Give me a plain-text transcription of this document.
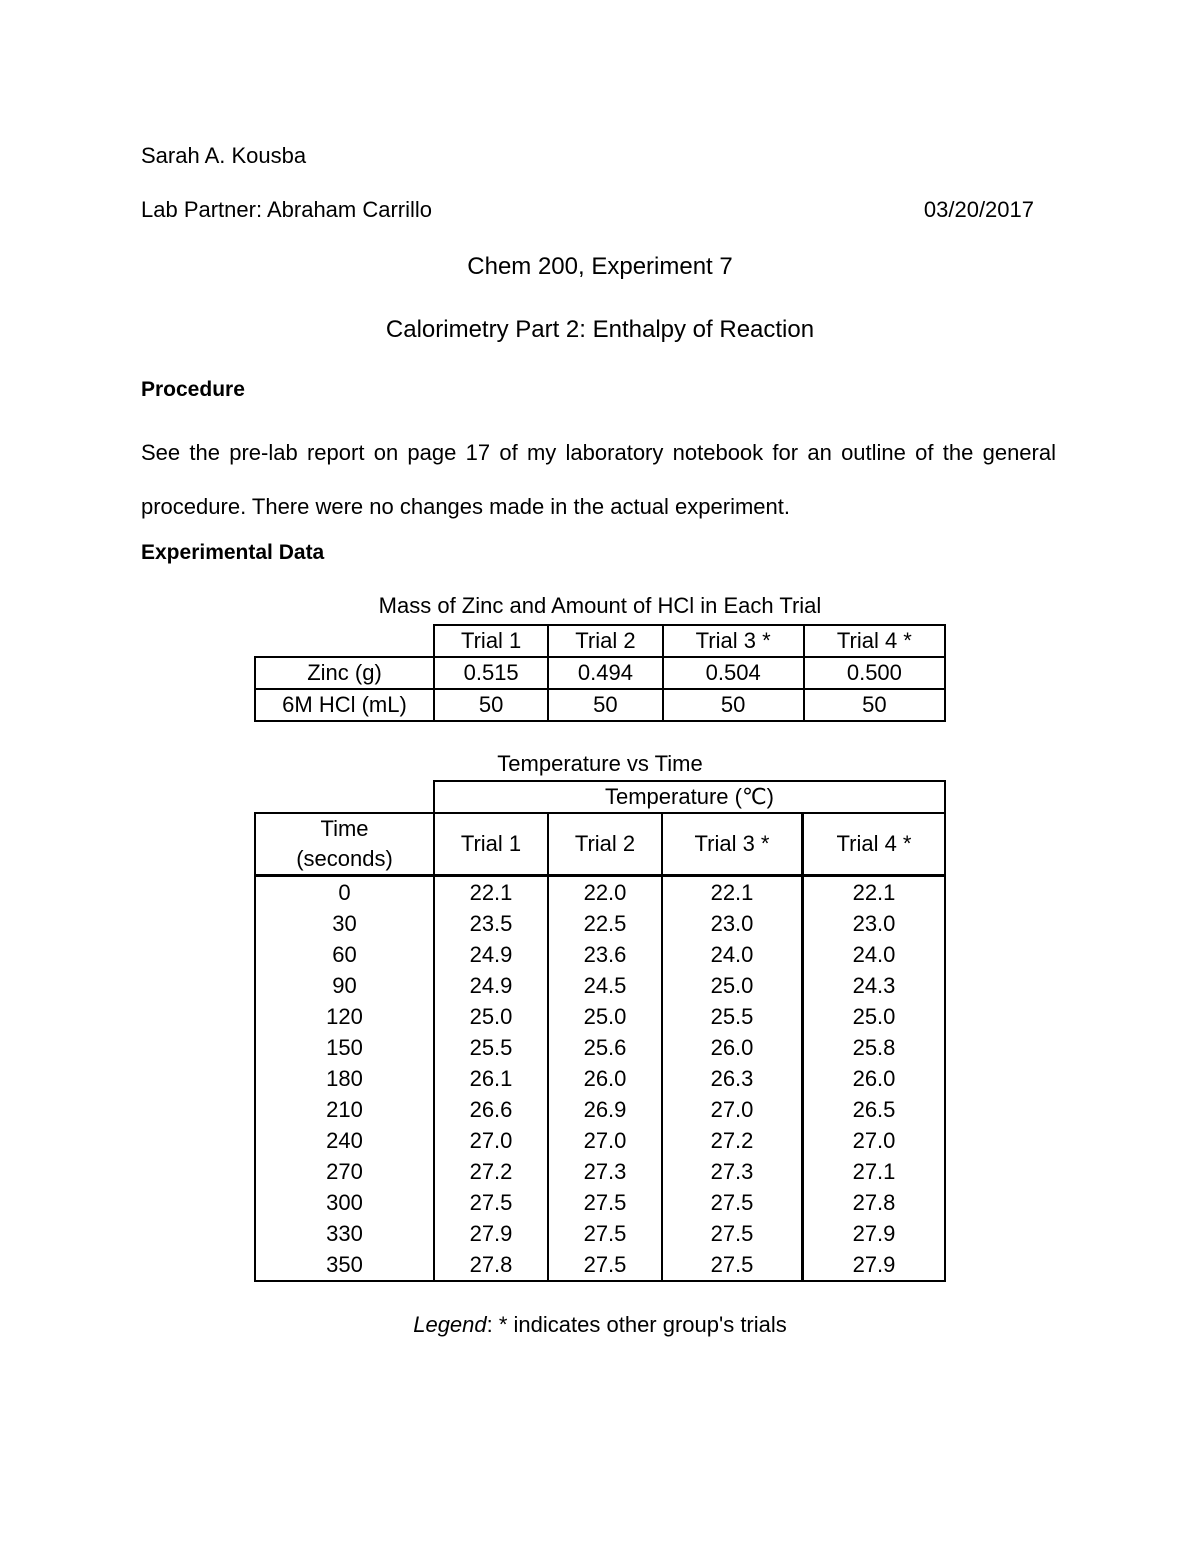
Sarah A. Kousba
Lab Partner: Abraham Carrillo	03/20/2017
Chem 200, Experiment 7
Calorimetry Part 2: Enthalpy of Reaction
Procedure
See the pre-lab report on page 17 of my laboratory notebook for an outline of the general procedure. There were no changes made in the actual experiment.
Experimental Data
Mass of Zinc and Amount of HCl in Each Trial
	Trial 1	Trial 2	Trial 3 *	Trial 4 *
Zinc (g)	0.515	0.494	0.504	0.500
6M HCl (mL)	50	50	50	50
Temperature vs Time
	Temperature (℃)			
Time
(seconds)	Trial 1	Trial 2	Trial 3 *	Trial 4 *
0	22.1	22.0	22.1	22.1
30	23.5	22.5	23.0	23.0
60	24.9	23.6	24.0	24.0
90	24.9	24.5	25.0	24.3
120	25.0	25.0	25.5	25.0
150	25.5	25.6	26.0	25.8
180	26.1	26.0	26.3	26.0
210	26.6	26.9	27.0	26.5
240	27.0	27.0	27.2	27.0
270	27.2	27.3	27.3	27.1
300	27.5	27.5	27.5	27.8
330	27.9	27.5	27.5	27.9
350	27.8	27.5	27.5	27.9
Legend: * indicates other group's trials
